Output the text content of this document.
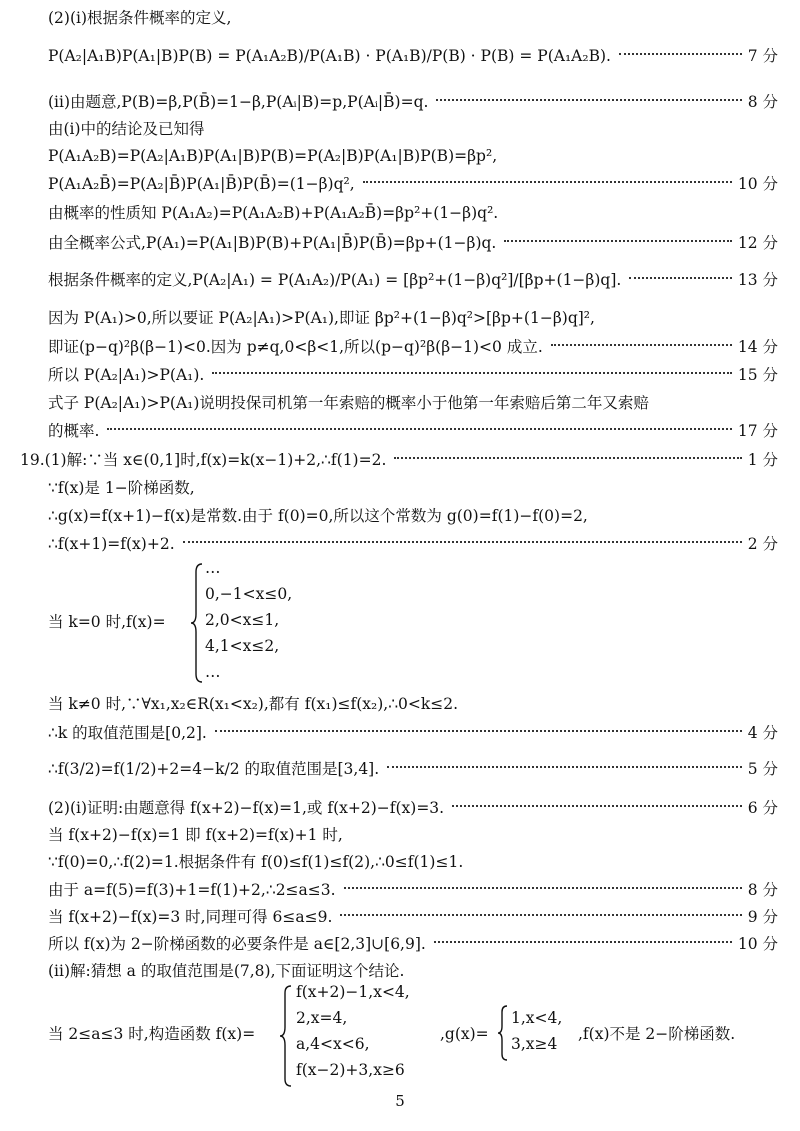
(2)(ⅰ)根据条件概率的定义,
P(A₂|A₁B)P(A₁|B)P(B) = P(A₁A₂B)/P(A₁B) · P(A₁B)/P(B) · P(B) = P(A₁A₂B).	7 分
(ⅱ)由题意,P(B)=β,P(B̄)=1−β,P(Aᵢ|B)=p,P(Aᵢ|B̄)=q.	8 分
由(ⅰ)中的结论及已知得
P(A₁A₂B)=P(A₂|A₁B)P(A₁|B)P(B)=P(A₂|B)P(A₁|B)P(B)=βp²,
P(A₁A₂B̄)=P(A₂|B̄)P(A₁|B̄)P(B̄)=(1−β)q²,	10 分
由概率的性质知 P(A₁A₂)=P(A₁A₂B)+P(A₁A₂B̄)=βp²+(1−β)q².
由全概率公式,P(A₁)=P(A₁|B)P(B)+P(A₁|B̄)P(B̄)=βp+(1−β)q.	12 分
根据条件概率的定义,P(A₂|A₁) = P(A₁A₂)/P(A₁) = [βp²+(1−β)q²]/[βp+(1−β)q].	13 分
因为 P(A₁)>0,所以要证 P(A₂|A₁)>P(A₁),即证 βp²+(1−β)q²>[βp+(1−β)q]²,
即证(p−q)²β(β−1)<0.因为 p≠q,0<β<1,所以(p−q)²β(β−1)<0 成立.	14 分
所以 P(A₂|A₁)>P(A₁).	15 分
式子 P(A₂|A₁)>P(A₁)说明投保司机第一年索赔的概率小于他第一年索赔后第二年又索赔
的概率.	17 分
19.(1)解:∵当 x∈(0,1]时,f(x)=k(x−1)+2,∴f(1)=2.	1 分
∵f(x)是 1−阶梯函数,
∴g(x)=f(x+1)−f(x)是常数.由于 f(0)=0,所以这个常数为 g(0)=f(1)−f(0)=2,
∴f(x+1)=f(x)+2.	2 分
当 k=0 时,f(x)=
…
0,−1<x≤0,
2,0<x≤1,
4,1<x≤2,
…
当 k≠0 时,∵∀x₁,x₂∈R(x₁<x₂),都有 f(x₁)≤f(x₂),∴0<k≤2.
∴k 的取值范围是[0,2].	4 分
∴f(3/2)=f(1/2)+2=4−k/2 的取值范围是[3,4].	5 分
(2)(ⅰ)证明:由题意得 f(x+2)−f(x)=1,或 f(x+2)−f(x)=3.	6 分
当 f(x+2)−f(x)=1 即 f(x+2)=f(x)+1 时,
∵f(0)=0,∴f(2)=1.根据条件有 f(0)≤f(1)≤f(2),∴0≤f(1)≤1.
由于 a=f(5)=f(3)+1=f(1)+2,∴2≤a≤3.	8 分
当 f(x+2)−f(x)=3 时,同理可得 6≤a≤9.	9 分
所以 f(x)为 2−阶梯函数的必要条件是 a∈[2,3]∪[6,9].	10 分
(ⅱ)解:猜想 a 的取值范围是(7,8),下面证明这个结论.
当 2≤a≤3 时,构造函数 f(x)=
f(x+2)−1,x<4,
2,x=4,
a,4<x<6,
f(x−2)+3,x≥6
,g(x)=
1,x<4,
3,x≥4
,f(x)不是 2−阶梯函数.
5
